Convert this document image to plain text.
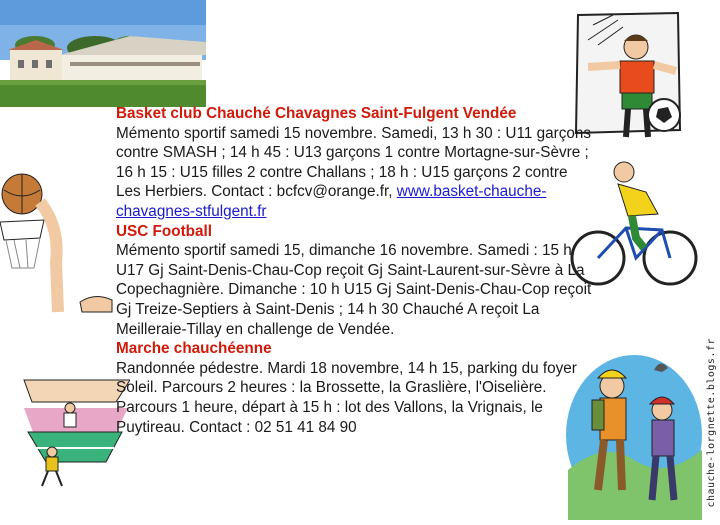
Basket club Chauché Chavagnes Saint-Fulgent Vendée

Mémento sportif samedi 15 novembre. Samedi, 13 h 30 : U11 garçons contre SMASH ; 14 h 45 : U13 garçons 1 contre Mortagne-sur-Sèvre ; 16 h 15 : U15 filles 2 contre Challans ; 18 h : U15 garçons 2 contre Les Herbiers. Contact : bcfcv@orange.fr, www.basket-chauche-chavagnes-stfulgent.fr

USC Football

Mémento sportif samedi 15, dimanche 16 novembre. Samedi : 15 h U17 Gj Saint-Denis-Chau-Cop reçoit Gj Saint-Laurent-sur-Sèvre à La Copechagnière. Dimanche : 10 h U15 Gj Saint-Denis-Chau-Cop reçoit Gj Treize-Septiers à Saint-Denis ; 14 h 30 Chauché A reçoit La Meilleraie-Tillay en challenge de Vendée.

Marche chauchéenne

Randonnée pédestre. Mardi 18 novembre, 14 h 15, parking du foyer Soleil. Parcours 2 heures : la Brossette, la Graslière, l'Oiselière. Parcours 1 heure, départ à 15 h : lot des Vallons, la Vrignais, le Puytireau. Contact : 02 51 41 84 90	chauche-lorgnette.blogs.fr
